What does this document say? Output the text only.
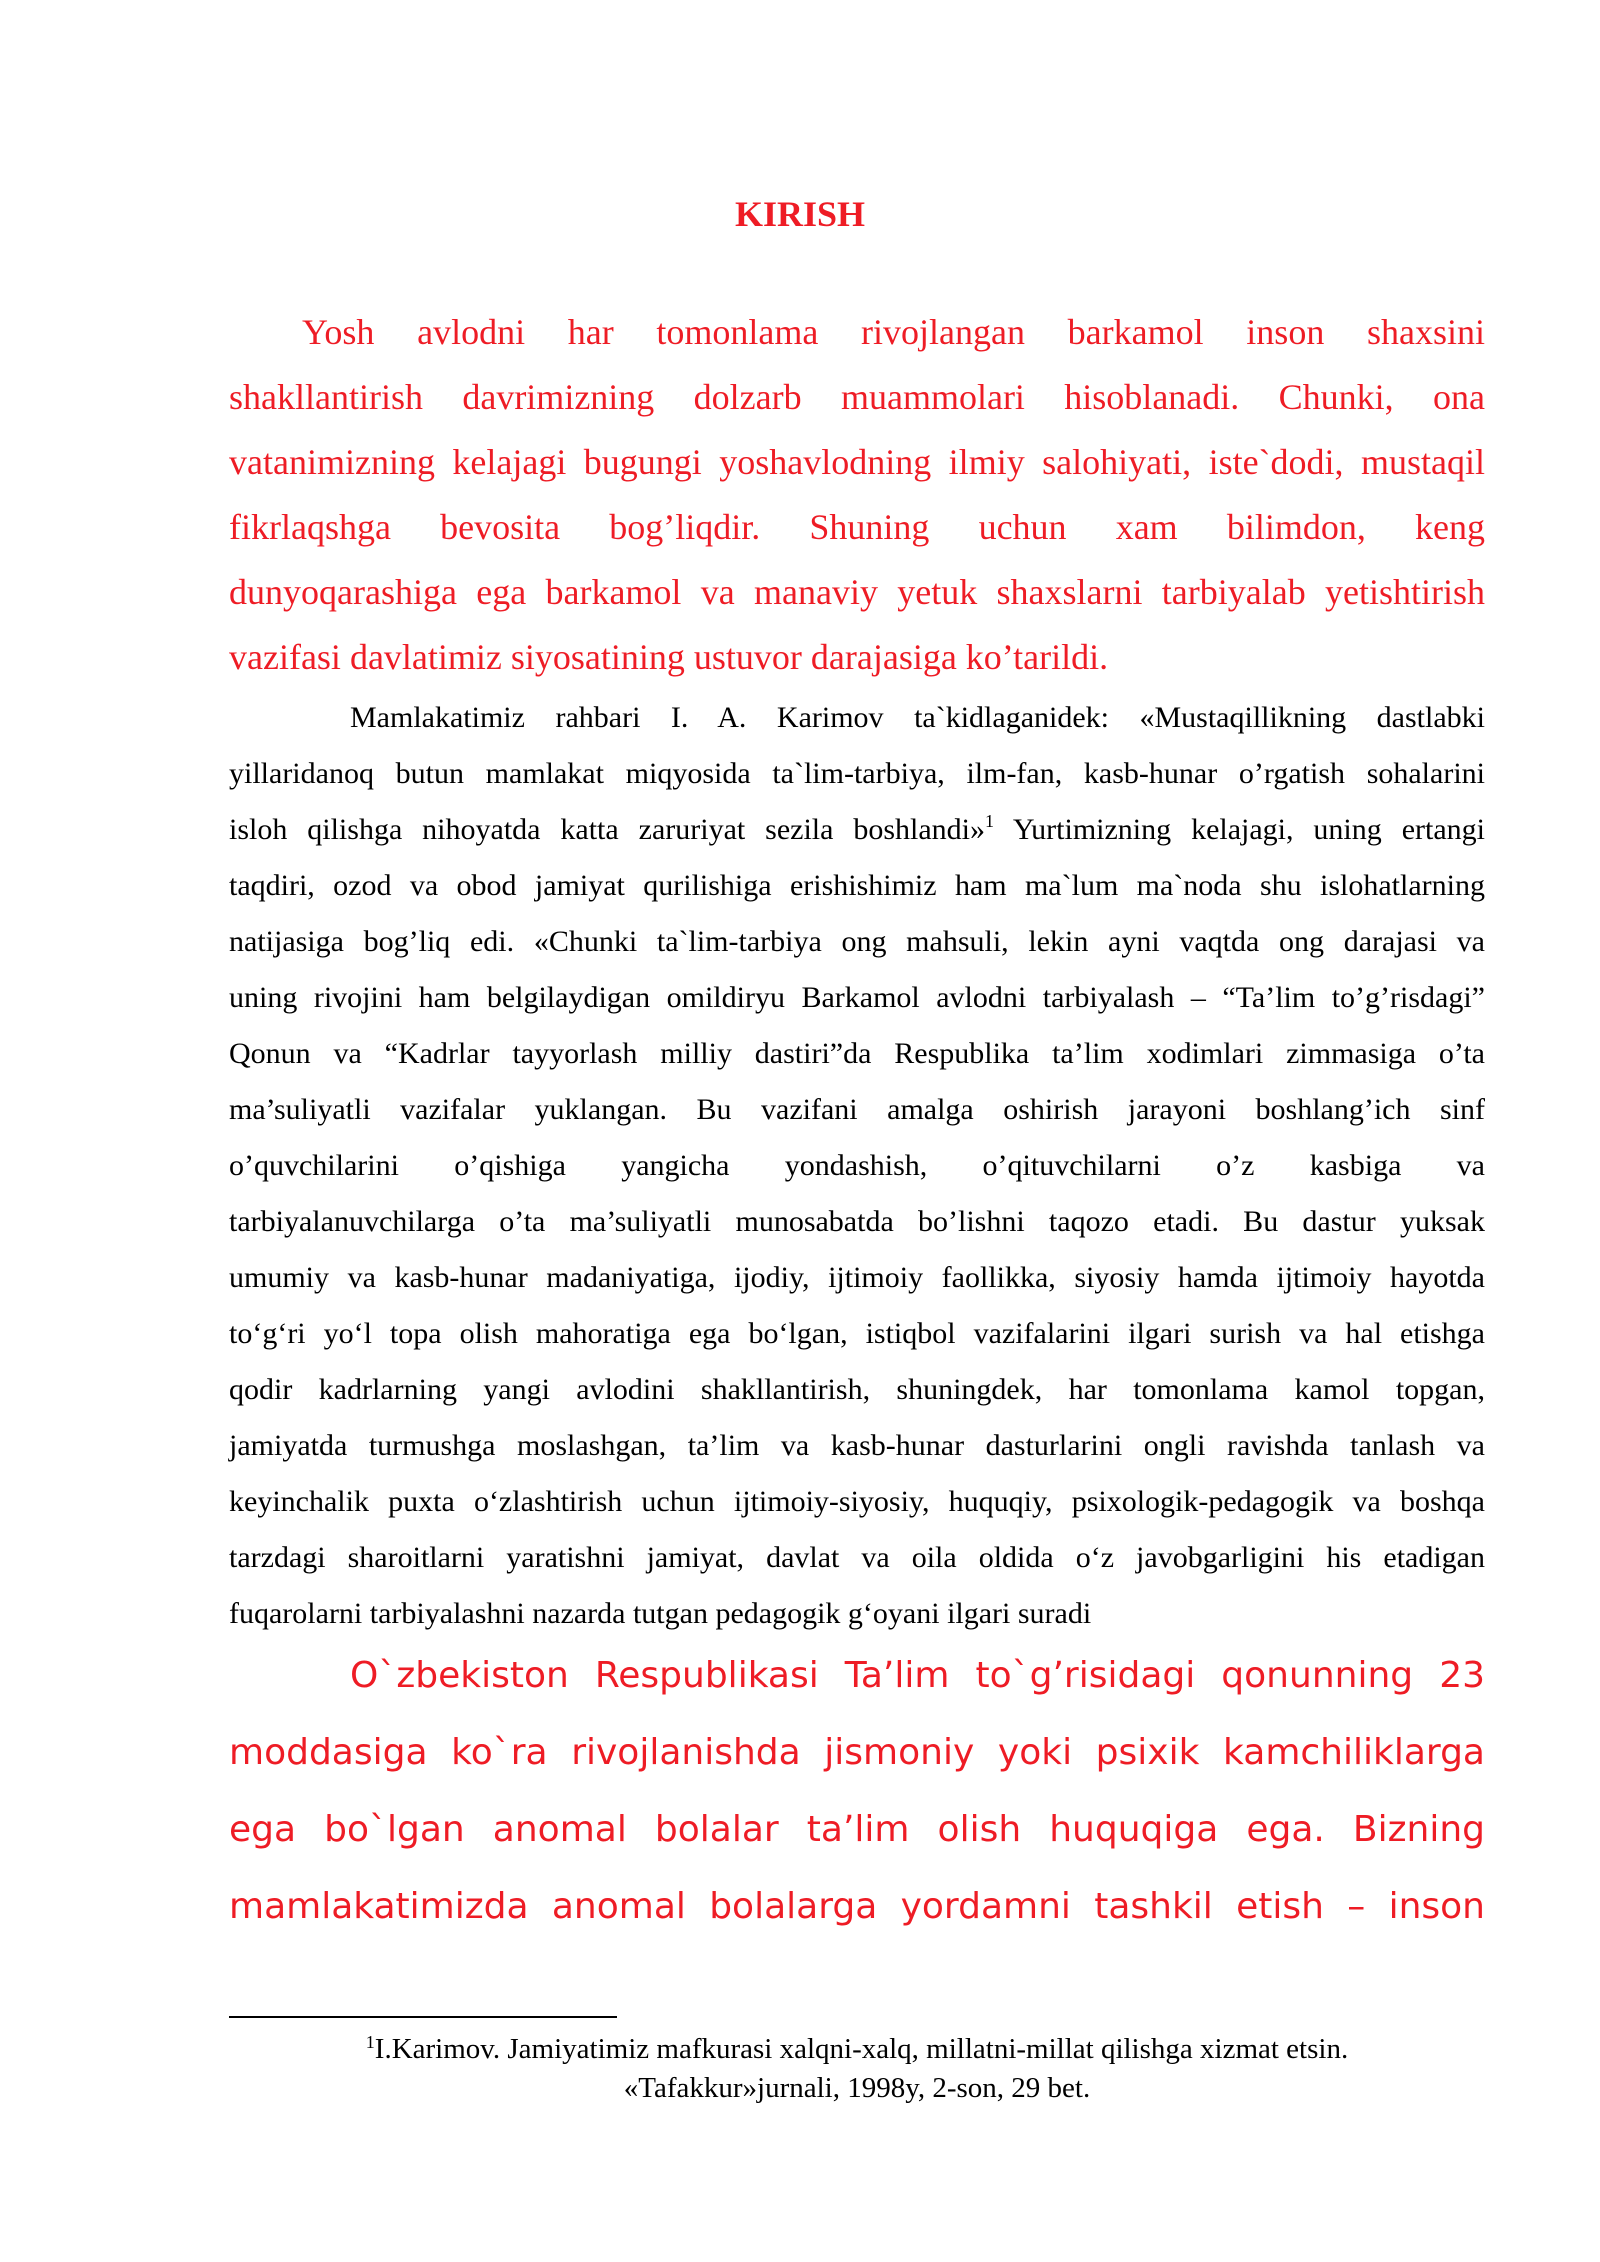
KIRISH
Yosh avlodni har tomonlama rivojlangan barkamol inson shaxsini
shakllantirish davrimizning dolzarb muammolari hisoblanadi. Chunki, ona
vatanimizning kelajagi bugungi yoshavlodning ilmiy salohiyati, iste`dodi, mustaqil
fikrlaqshga bevosita bog’liqdir. Shuning uchun xam bilimdon, keng
dunyoqarashiga ega barkamol va manaviy yetuk shaxslarni tarbiyalab yetishtirish
vazifasi davlatimiz siyosatining ustuvor darajasiga ko’tarildi.
Mamlakatimiz rahbari I. A. Karimov ta`kidlaganidek: «Mustaqillikning dastlabki
yillaridanoq butun mamlakat miqyosida ta`lim-tarbiya, ilm-fan, kasb-hunar o’rgatish sohalarini
isloh qilishga nihoyatda katta zaruriyat sezila boshlandi»$^1$ Yurtimizning kelajagi, uning ertangi
taqdiri, ozod va obod jamiyat qurilishiga erishishimiz ham ma`lum ma`noda shu islohatlarning
natijasiga bog’liq edi. «Chunki ta`lim-tarbiya ong mahsuli, lekin ayni vaqtda ong darajasi va
uning rivojini ham belgilaydigan omildiryu Barkamol avlodni tarbiyalash – “Ta’lim to’g’risdagi”
Qonun va “Kadrlar tayyorlash milliy dastiri”da Respublika ta’lim xodimlari zimmasiga o’ta
ma’suliyatli vazifalar yuklangan. Bu vazifani amalga oshirish jarayoni boshlang’ich sinf
o’quvchilarini o’qishiga yangicha yondashish, o’qituvchilarni o’z kasbiga va
tarbiyalanuvchilarga o’ta ma’suliyatli munosabatda bo’lishni taqozo etadi. Bu dastur yuksak
umumiy va kasb-hunar madaniyatiga, ijodiy, ijtimoiy faollikka, siyosiy hamda ijtimoiy hayotda
to‘g‘ri yo‘l topa olish mahoratiga ega bo‘lgan, istiqbol vazifalarini ilgari surish va hal etishga
qodir kadrlarning yangi avlodini shakllantirish, shuningdek, har tomonlama kamol topgan,
jamiyatda turmushga moslashgan, ta’lim va kasb-hunar dasturlarini ongli ravishda tanlash va
keyinchalik puxta o‘zlashtirish uchun ijtimoiy-siyosiy, huquqiy, psixologik-pedagogik va boshqa
tarzdagi sharoitlarni yaratishni jamiyat, davlat va oila oldida o‘z javobgarligini his etadigan
fuqarolarni tarbiyalashni nazarda tutgan pedagogik g‘oyani ilgari suradi
O`zbekiston Respublikasi Ta’lim to`g’risidagi qonunning 23
moddasiga ko`ra rivojlanishda jismoniy yoki psixik kamchiliklarga
ega bo`lgan anomal bolalar ta’lim olish huquqiga ega. Bizning
mamlakatimizda anomal bolalarga yordamni tashkil etish – inson
$^1$I.Karimov. Jamiyatimiz mafkurasi xalqni-xalq, millatni-millat qilishga xizmat etsin.
«Tafakkur»jurnali, 1998y, 2-son, 29 bet.
